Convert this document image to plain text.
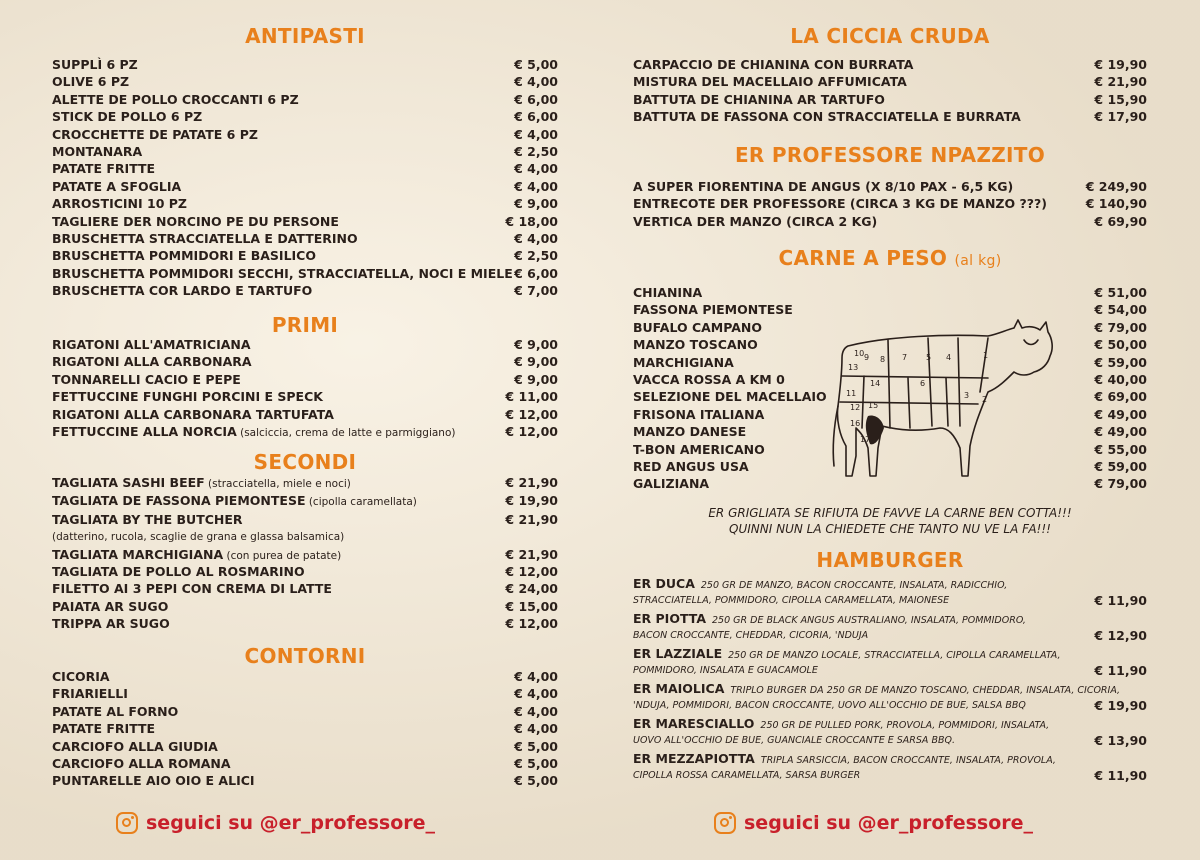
ANTIPASTI
SUPPLÌ 6 PZ	€ 5,00
OLIVE 6 PZ	€ 4,00
ALETTE DE POLLO CROCCANTI 6 PZ	€ 6,00
STICK DE POLLO 6 PZ	€ 6,00
CROCCHETTE DE PATATE 6 PZ	€ 4,00
MONTANARA	€ 2,50
PATATE FRITTE	€ 4,00
PATATE A SFOGLIA	€ 4,00
ARROSTICINI 10 PZ	€ 9,00
TAGLIERE DER NORCINO PE DU PERSONE	€ 18,00
BRUSCHETTA STRACCIATELLA E DATTERINO	€ 4,00
BRUSCHETTA POMMIDORI E BASILICO	€ 2,50
BRUSCHETTA POMMIDORI SECCHI, STRACCIATELLA, NOCI E MIELE € 6,00
BRUSCHETTA COR LARDO E TARTUFO	€ 7,00
PRIMI
RIGATONI ALL'AMATRICIANA	€ 9,00
RIGATONI ALLA CARBONARA	€ 9,00
TONNARELLI CACIO E PEPE	€ 9,00
FETTUCCINE FUNGHI PORCINI E SPECK	€ 11,00
RIGATONI ALLA CARBONARA TARTUFATA	€ 12,00
FETTUCCINE ALLA NORCIA (salciccia, crema de latte e parmiggiano)	€ 12,00
SECONDI
TAGLIATA SASHI BEEF (stracciatella, miele e noci)	€ 21,90
TAGLIATA DE FASSONA PIEMONTESE (cipolla caramellata)	€ 19,90
TAGLIATA BY THE BUTCHER	€ 21,90
TAGLIATA MARCHIGIANA (con purea de patate)	€ 21,90
TAGLIATA DE POLLO AL ROSMARINO	€ 12,00
FILETTO AI 3 PEPI CON CREMA DI LATTE	€ 24,00
PAIATA AR SUGO	€ 15,00
TRIPPA AR SUGO	€ 12,00
(datterino, rucola, scaglie de grana e glassa balsamica)
CONTORNI
CICORIA	€ 4,00
FRIARIELLI	€ 4,00
PATATE AL FORNO	€ 4,00
PATATE FRITTE	€ 4,00
CARCIOFO ALLA GIUDIA	€ 5,00
CARCIOFO ALLA ROMANA	€ 5,00
PUNTARELLE AIO OIO E ALICI	€ 5,00
seguici su @er_professore_
LA CICCIA CRUDA
CARPACCIO DE CHIANINA CON BURRATA	€ 19,90
MISTURA DEL MACELLAIO AFFUMICATA	€ 21,90
BATTUTA DE CHIANINA AR TARTUFO	€ 15,90
BATTUTA DE FASSONA CON STRACCIATELLA E BURRATA	€ 17,90
ER PROFESSORE NPAZZITO
A SUPER FIORENTINA DE ANGUS (X 8/10 PAX - 6,5 KG)	€ 249,90
ENTRECOTE DER PROFESSORE (CIRCA 3 KG DE MANZO ???)	€ 140,90
VERTICA DER MANZO (CIRCA 2 KG)	€ 69,90
CARNE A PESO (al kg)
CHIANINA	€ 51,00
FASSONA PIEMONTESE	€ 54,00
BUFALO CAMPANO	€ 79,00
MANZO TOSCANO	€ 50,00
MARCHIGIANA	€ 59,00
VACCA ROSSA A KM 0	€ 40,00
SELEZIONE DEL MACELLAIO	€ 69,00
FRISONA ITALIANA	€ 49,00
MANZO DANESE	€ 49,00
T-BON AMERICANO	€ 55,00
RED ANGUS USA	€ 59,00
GALIZIANA	€ 79,00
ER GRIGLIATA SE RIFIUTA DE FAVVE LA CARNE BEN COTTA!!!
QUINNI NUN LA CHIEDETE CHE TANTO NU VE LA FA!!!
HAMBURGER
ER DUCA 250 GR DE MANZO, BACON CROCCANTE, INSALATA, RADICCHIO,
STRACCIATELLA, POMMIDORO, CIPOLLA CARAMELLATA, MAIONESE	€ 11,90
ER PIOTTA 250 GR DE BLACK ANGUS AUSTRALIANO, INSALATA, POMMIDORO,
BACON CROCCANTE, CHEDDAR, CICORIA, 'NDUJA	€ 12,90
ER LAZZIALE 250 GR DE MANZO LOCALE, STRACCIATELLA, CIPOLLA CARAMELLATA,
POMMIDORO, INSALATA E GUACAMOLE	€ 11,90
ER MAIOLICA TRIPLO BURGER DA 250 GR DE MANZO TOSCANO, CHEDDAR, INSALATA, CICORIA,
'NDUJA, POMMIDORI, BACON CROCCANTE, UOVO ALL'OCCHIO DE BUE, SALSA BBQ	€ 19,90
ER MARESCIALLO 250 GR DE PULLED PORK, PROVOLA, POMMIDORI, INSALATA,
UOVO ALL'OCCHIO DE BUE, GUANCIALE CROCCANTE E SARSA BBQ.	€ 13,90
ER MEZZAPIOTTA TRIPLA SARSICCIA, BACON CROCCANTE, INSALATA, PROVOLA,
CIPOLLA ROSSA CARAMELLATA, SARSA BURGER	€ 11,90
seguici su @er_professore_
1
2
3
4
5
6
7
8
9
10
11
12
13
14
15
16
17
